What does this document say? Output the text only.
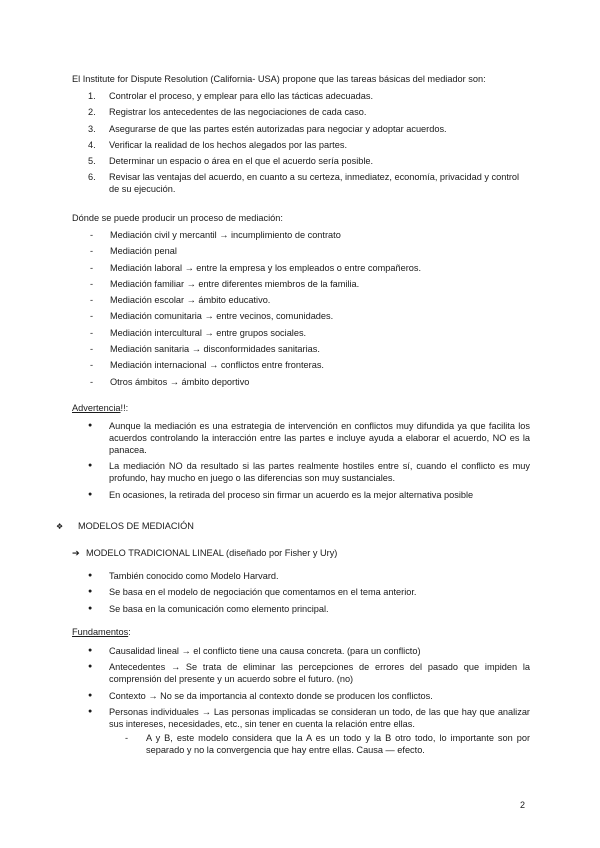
El Institute for Dispute Resolution (California- USA) propone que las tareas básicas del mediador son:

1. Controlar el proceso, y emplear para ello las tácticas adecuadas.
2. Registrar los antecedentes de las negociaciones de cada caso.
3. Asegurarse de que las partes estén autorizadas para negociar y adoptar acuerdos.
4. Verificar la realidad de los hechos alegados por las partes.
5. Determinar un espacio o área en el que el acuerdo sería posible.
6. Revisar las ventajas del acuerdo, en cuanto a su certeza, inmediatez, economía, privacidad y control de su ejecución.

Dónde se puede producir un proceso de mediación:

- Mediación civil y mercantil → incumplimiento de contrato
- Mediación penal
- Mediación laboral → entre la empresa y los empleados o entre compañeros.
- Mediación familiar → entre diferentes miembros de la familia.
- Mediación escolar → ámbito educativo.
- Mediación comunitaria → entre vecinos, comunidades.
- Mediación intercultural → entre grupos sociales.
- Mediación sanitaria → disconformidades sanitarias.
- Mediación internacional → conflictos entre fronteras.
- Otros ámbitos → ámbito deportivo

Advertencia!!:

● Aunque la mediación es una estrategia de intervención en conflictos muy difundida ya que facilita los acuerdos controlando la interacción entre las partes e incluye ayuda a elaborar el acuerdo, NO es la panacea.
● La mediación NO da resultado si las partes realmente hostiles entre sí, cuando el conflicto es muy profundo, hay mucho en juego o las diferencias son muy sustanciales.
● En ocasiones, la retirada del proceso sin firmar un acuerdo es la mejor alternativa posible

❖ MODELOS DE MEDIACIÓN

➔ MODELO TRADICIONAL LINEAL (diseñado por Fisher y Ury)

● También conocido como Modelo Harvard.
● Se basa en el modelo de negociación que comentamos en el tema anterior.
● Se basa en la comunicación como elemento principal.

Fundamentos:

● Causalidad lineal → el conflicto tiene una causa concreta. (para un conflicto)
● Antecedentes → Se trata de eliminar las percepciones de errores del pasado que impiden la comprensión del presente y un acuerdo sobre el futuro. (no)
● Contexto → No se da importancia al contexto donde se producen los conflictos.
● Personas individuales → Las personas implicadas se consideran un todo, de las que hay que analizar sus intereses, necesidades, etc., sin tener en cuenta la relación entre ellas.
- A y B, este modelo considera que la A es un todo y la B otro todo, lo importante son por separado y no la convergencia que hay entre ellas. Causa — efecto.
2
